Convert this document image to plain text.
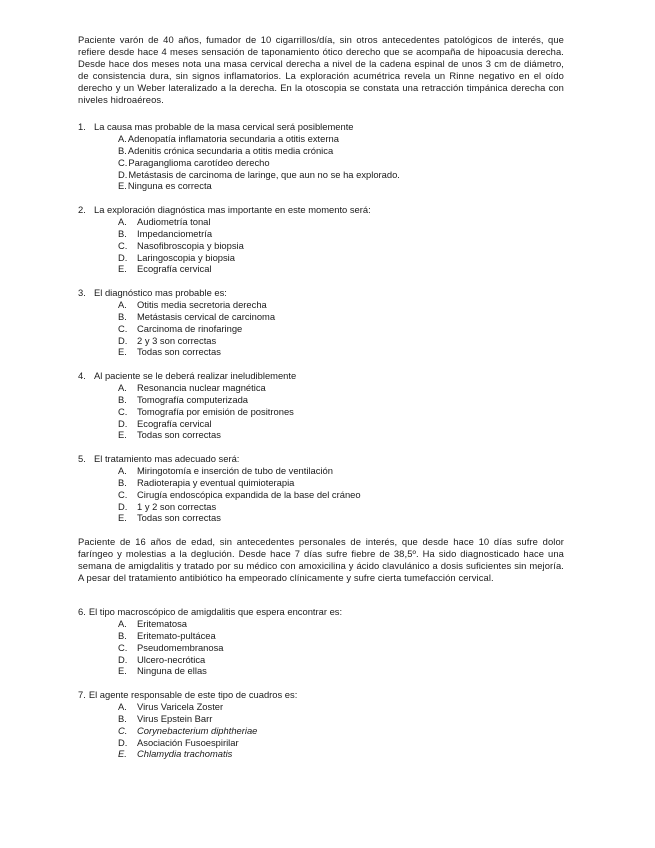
Paciente varón de 40 años, fumador de 10 cigarrillos/día, sin otros antecedentes patológicos de interés, que refiere desde hace 4 meses sensación de taponamiento ótico derecho que se acompaña de hipoacusia derecha. Desde hace dos meses nota una masa cervical derecha a nivel de la cadena espinal de unos 3 cm de diámetro, de consistencia dura, sin signos inflamatorios. La exploración acumétrica revela un Rinne negativo en el oído derecho y un Weber lateralizado a la derecha. En la otoscopia se constata una retracción timpánica derecha con niveles hidroaéreos.

1. La causa mas probable de la masa cervical será posiblemente
A.Adenopatía inflamatoria secundaria a otitis externa
B.Adenitis crónica secundaria a otitis media crónica
C.Paraganglioma carotídeo derecho
D.Metástasis de carcinoma de laringe, que aun no se ha explorado.
E.Ninguna es correcta
2. La exploración diagnóstica mas importante en este momento será:
A. Audiometría tonal
B. Impedanciometría
C. Nasofibroscopia y biopsia
D. Laringoscopia y biopsia
E. Ecografía cervical
3. El diagnóstico mas probable es:
A. Otitis media secretoria derecha
B. Metástasis cervical de carcinoma
C. Carcinoma de rinofaringe
D. 2 y 3 son correctas
E. Todas son correctas
4. Al paciente se le deberá realizar ineludiblemente
A. Resonancia nuclear magnética
B. Tomografía computerizada
C. Tomografía por emisión de positrones
D. Ecografía cervical
E. Todas son correctas
5. El tratamiento mas adecuado será:
A. Miringotomía e inserción de tubo de ventilación
B. Radioterapia y eventual quimioterapia
C. Cirugía endoscópica expandida de la base del cráneo
D. 1 y 2 son correctas
E. Todas son correctas

Paciente de 16 años de edad, sin antecedentes personales de interés, que desde hace 10 días sufre dolor faríngeo y molestias a la deglución. Desde hace 7 días sufre fiebre de 38,5º. Ha sido diagnosticado hace una semana de amigdalitis y tratado por su médico con amoxicilina y ácido clavulánico a dosis suficientes sin mejoría. A pesar del tratamiento antibiótico ha empeorado clínicamente y sufre cierta tumefacción cervical.

6. El tipo macroscópico de amigdalitis que espera encontrar es:
A. Eritematosa
B. Eritemato-pultácea
C. Pseudomembranosa
D. Ulcero-necrótica
E. Ninguna de ellas
7. El agente responsable de este tipo de cuadros es:
A. Virus Varicela Zoster
B. Virus Epstein Barr
C. Corynebacterium diphtheriae
D. Asociación Fusoespirilar
E. Chlamydia trachomatis
